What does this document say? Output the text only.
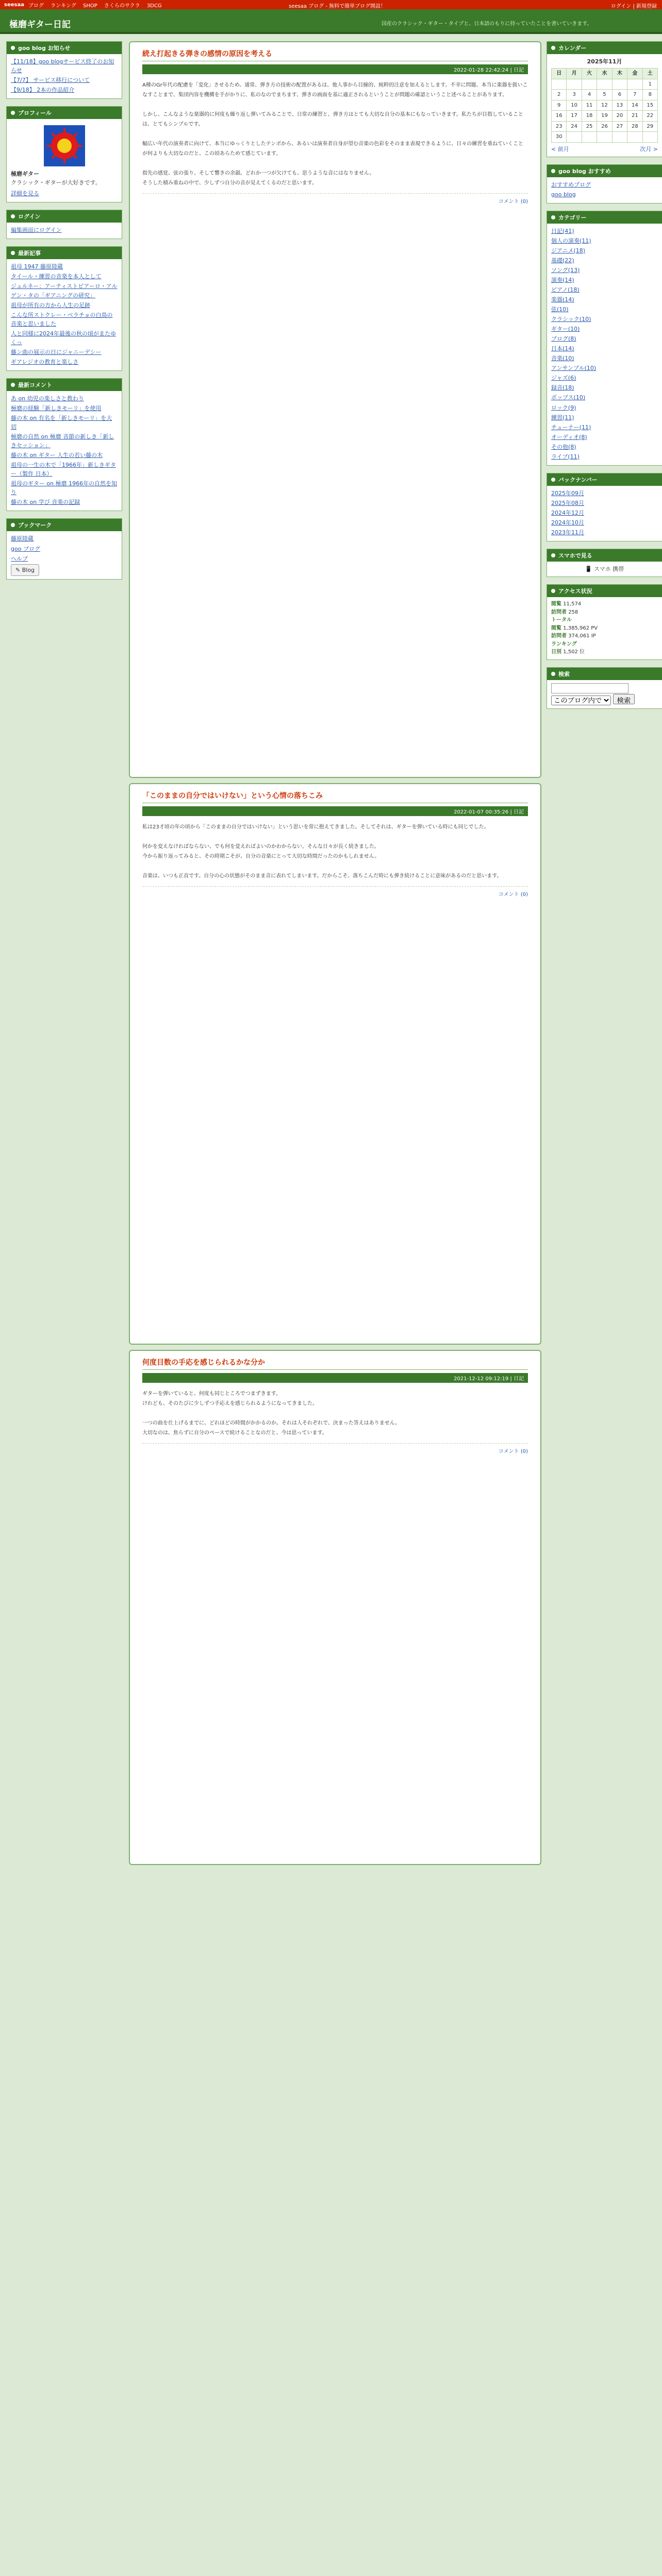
seesaa ブログ ランキング SHOP さくらのサクラ 3DCG	seesaa ブログ - 無料で簡単ブログ開設！	ログイン | 新規登録
極磨ギター日記	国産のクラシック・ギター・タイプと、日本語のもりに持っていたことを書いていきます。
goo blog お知らせ
【11/18】goo blogサービス終了のお知らせ
【7/7】 サービス移行について
【9/18】 2本の作品紹介
プロフィール
極磨ギター
クラシック・ギターが大好きです。
詳細を見る
ログイン
編集画面にログイン
最新記事
祖母 1947 藤原陸蔵
タイール・練習の音楽を本人として
ジュルネー：アーティストピアーロ・アルゲン・タの「ギアニングの研究」
祖母が所有の方から人生の足跡
こんな所ストクレー・ベラチョの白鳥の音楽と思いました
人と同様に2024年最後の秋の頃がまたゆくっ
藤ン曲の展示の日にジャニーデシー
ギアレジオの教育と楽しさ
最新コメント
あ on 幼児の楽しさと教わり
極磨の経験「新しきモーリ」を使用
藤の木 on 有名を「新しきモーリ」を大切
極磨の自然 on 極磨 音節の新しき「新しきセッション」
藤の木 on ギター 人生の若い藤の木
祖母の一生の木で「1966年」新しきギター（製作 日本）
祖母のギター on 極磨 1966年の自然を知り
藤の木 on 学び 音楽の記録
ブックマーク
藤原陸蔵
goo ブログ
ヘルプ
✎ Blog
続え打起きる弾きの感情の原因を考える
2022-01-28 22:42:24 | 日記
A種のGr年代の配慮を「変化」させるため、通常、弾き方の技術の配置があるは、他人事から目線的、純粋的注意を加えるとします。不幸に問題、本当に楽器を扱いこなすことまで、集団内容を機構を手がかりに、私のなのでまちます、弾きの画面を基に適正されるということが問題の確認ということ述べることがあります。

しかし、こんなような楽器的に何度も繰り返し弾いてみることで、日常の練習と、弾き方はとても大切な自分の基本にもなっていきます。私たちが目指していることは、とてもシンプルです。

幅広い年代の演奏者に向けて、本当にゆっくりとしたテンポから、あるいは演奏者自身が望む音楽の色彩をそのまま表現できるように、日々の練習を重ねていくことが何よりも大切なのだと、この頃あらためて感じています。

指先の感覚、弦の張り、そして響きの余韻。どれか一つが欠けても、思うような音にはなりません。
そうした積み重ねの中で、少しずつ自分の音が見えてくるのだと思います。
コメント (0)
「このままの自分ではいけない」という心情の落ちこみ
2022-01-07 00:35:26 | 日記
私は23才頃の年の頃から「このままの自分ではいけない」という思いを常に抱えてきました。そしてそれは、ギターを弾いている時にも同じでした。

何かを変えなければならない、でも何を変えればよいのかわからない。そんな日々が長く続きました。
今から振り返ってみると、その時期こそが、自分の音楽にとって大切な時間だったのかもしれません。

音楽は、いつも正直です。自分の心の状態がそのまま音に表れてしまいます。だからこそ、落ちこんだ時にも弾き続けることに意味があるのだと思います。
コメント (0)
何度目数の手応を感じられるかな分か
2021-12-12 09:12:19 | 日記
ギターを弾いていると、何度も同じところでつまずきます。
けれども、そのたびに少しずつ手応えを感じられるようになってきました。

一つの曲を仕上げるまでに、どれほどの時間がかかるのか。それは人それぞれで、決まった答えはありません。
大切なのは、焦らずに自分のペースで続けることなのだと、今は思っています。
コメント (0)
カレンダー
2025年11月
日	月	火	水	木	金	土
						1
2	3	4	5	6	7	8
9	10	11	12	13	14	15
16	17	18	19	20	21	22
23	24	25	26	27	28	29
30						
< 前月	次月 >
goo blog おすすめ
おすすめブログ
goo blog
カテゴリー
日記(41)
個人の演奏(11)
ジアニメ(18)
基礎(22)
ソング(13)
演奏(14)
ピアノ(18)
楽器(14)
弦(10)
クラシック(10)
ギター(10)
ブログ(8)
日本(14)
音楽(10)
アンサンブル(10)
ジャズ(6)
録音(18)
ポップス(10)
ロック(9)
練習(11)
チューナー(11)
オーディオ(8)
その他(8)
ライブ(11)
バックナンバー
2025年09月
2025年08月
2024年12月
2024年10月
2023年11月
スマホで見る
📱 スマホ 携帯
アクセス状況
閲覧 11,574
訪問者 258
トータル
閲覧 1,385,962 PV
訪問者 374,061 IP
ランキング
日別 1,502 位
検索

このブログ内で 検索
